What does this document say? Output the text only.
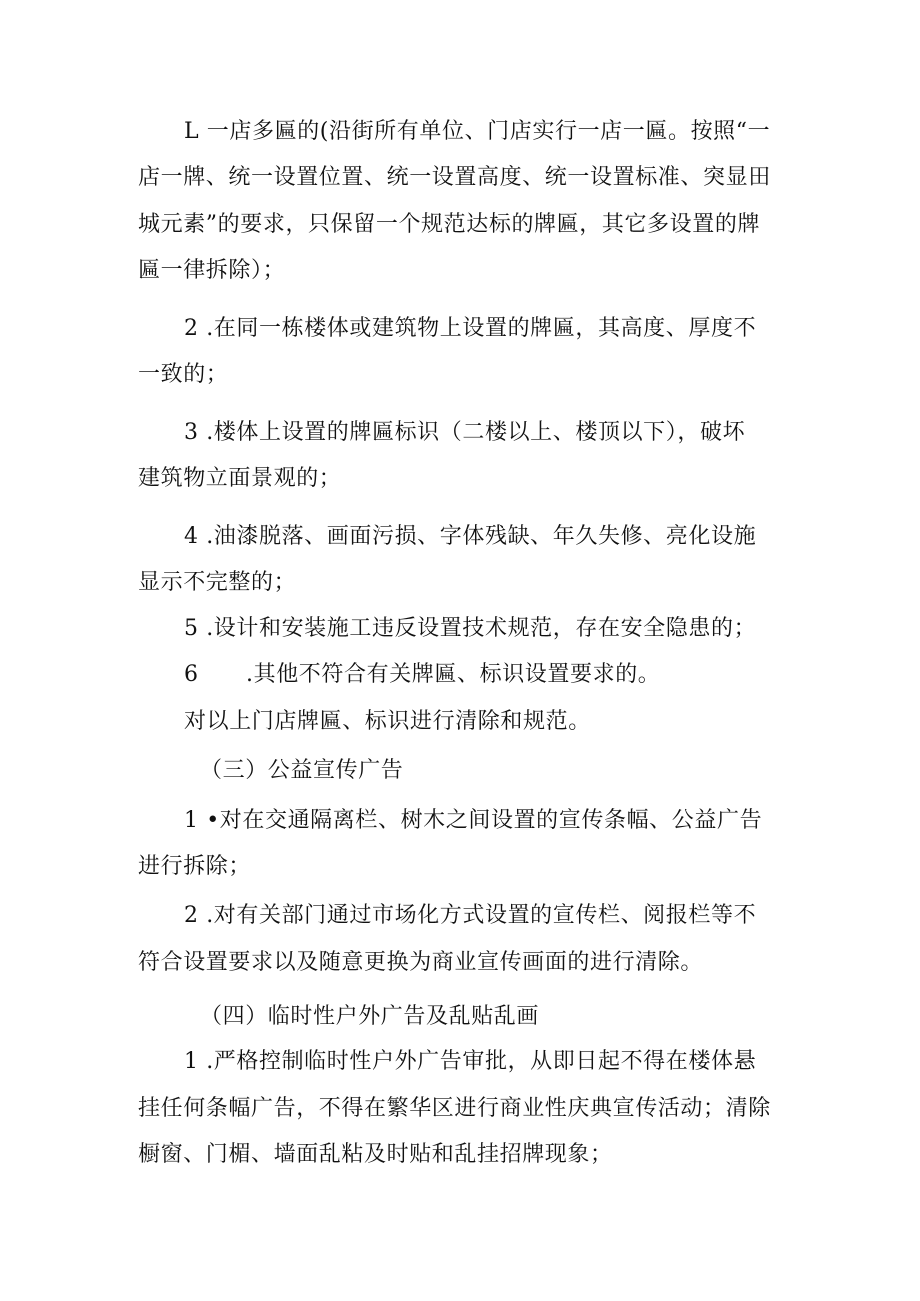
L 一店多匾的(沿街所有单位、门店实行一店一匾。按照“一
店一牌、统一设置位置、统一设置高度、统一设置标准、突显田
城元素”的要求，只保留一个规范达标的牌匾，其它多设置的牌
匾一律拆除）；
2 .在同一栋楼体或建筑物上设置的牌匾，其高度、厚度不
一致的；
3 .楼体上设置的牌匾标识（二楼以上、楼顶以下），破坏
建筑物立面景观的；
4 .油漆脱落、画面污损、字体残缺、年久失修、亮化设施
显示不完整的；
5 .设计和安装施工违反设置技术规范，存在安全隐患的；
6 .其他不符合有关牌匾、标识设置要求的。
对以上门店牌匾、标识进行清除和规范。
（三）公益宣传广告
1 •对在交通隔离栏、树木之间设置的宣传条幅、公益广告
进行拆除；
2 .对有关部门通过市场化方式设置的宣传栏、阅报栏等不
符合设置要求以及随意更换为商业宣传画面的进行清除。
（四）临时性户外广告及乱贴乱画
1 .严格控制临时性户外广告审批，从即日起不得在楼体悬
挂任何条幅广告，不得在繁华区进行商业性庆典宣传活动；清除
橱窗、门楣、墙面乱粘及时贴和乱挂招牌现象；
